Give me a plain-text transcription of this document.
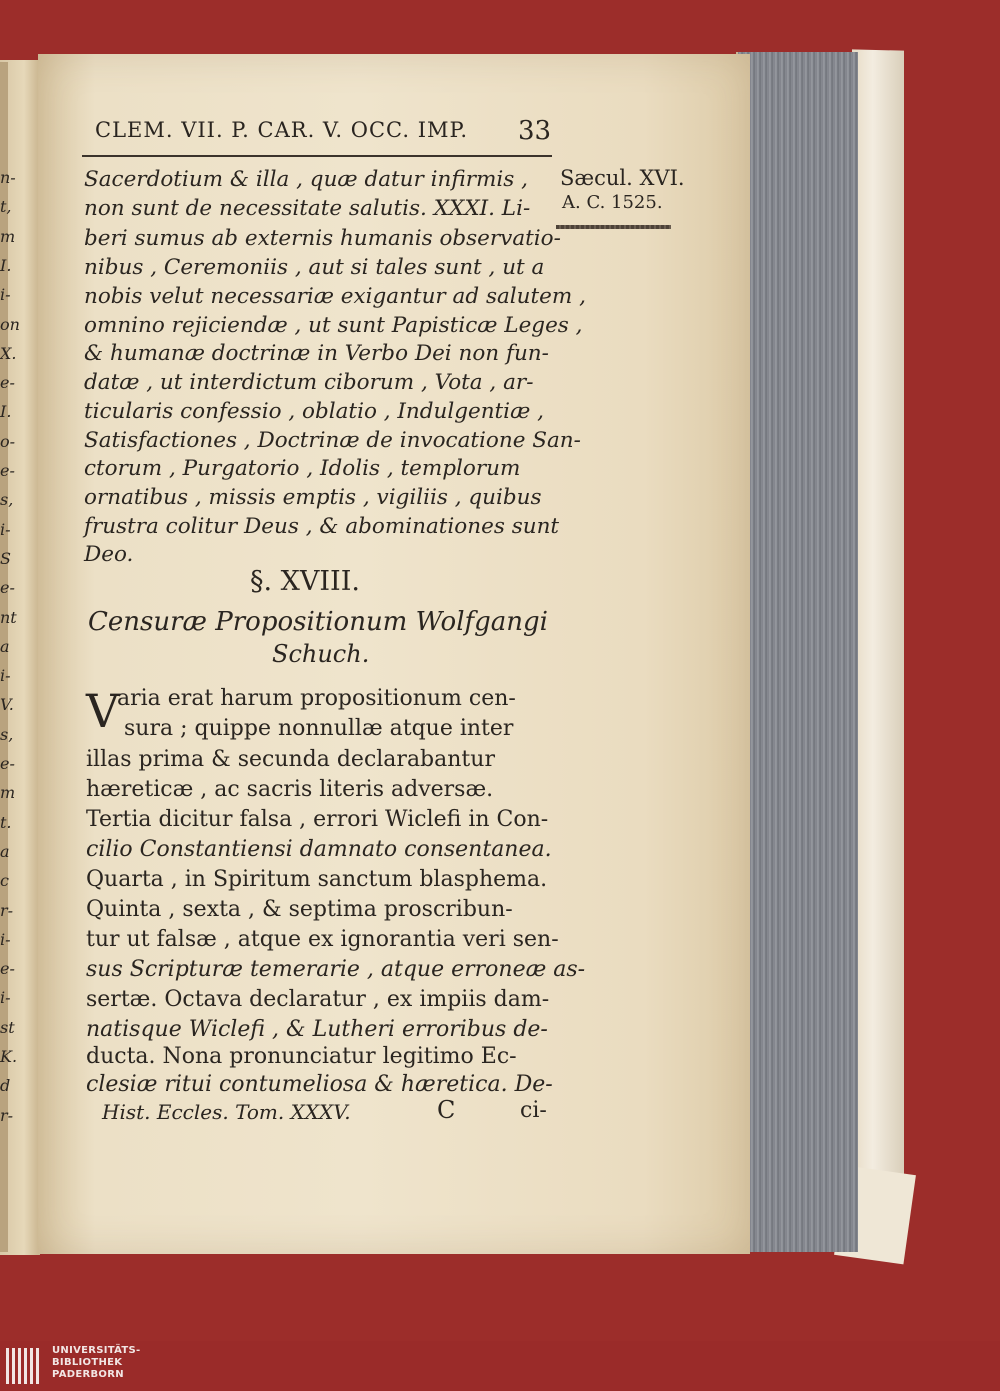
n-

t,

m

I.

i-

on

X.

e-

I.

o-

e-

s,

i-

S

e-

nt

a

i-

V.

s,

e-

m

t.

a

c

r-

i-

e-

i-

st

K.

d

r-

CLEM. VII. P. CAR. V. OCC. IMP. 33

Sæcul. XVI.

A. C. 1525.

Sacerdotium & illa , quæ datur infirmis ,

non sunt de necessitate salutis. XXXI. Li-

beri sumus ab externis humanis observatio-

nibus , Ceremoniis , aut si tales sunt , ut a

nobis velut necessariæ exigantur ad salutem ,

omnino rejiciendæ , ut sunt Papisticæ Leges ,

& humanæ doctrinæ in Verbo Dei non fun-

datæ , ut interdictum ciborum , Vota , ar-

ticularis confessio , oblatio , Indulgentiæ ,

Satisfactiones , Doctrinæ de invocatione San-

ctorum , Purgatorio , Idolis , templorum

ornatibus , missis emptis , vigiliis , quibus

frustra colitur Deus , & abominationes sunt

Deo.

§. XVIII.

Censuræ Propositionum Wolfgangi

Schuch.

V

aria erat harum propositionum cen-

sura ; quippe nonnullæ atque inter

illas prima & secunda declarabantur

hæreticæ , ac sacris literis adversæ.

Tertia dicitur falsa , errori Wiclefi in Con-

cilio Constantiensi damnato consentanea.

Quarta , in Spiritum sanctum blasphema.

Quinta , sexta , & septima proscribun-

tur ut falsæ , atque ex ignorantia veri sen-

sus Scripturæ temerarie , atque erroneæ as-

sertæ. Octava declaratur , ex impiis dam-

natisque Wiclefi , & Lutheri erroribus de-

ducta. Nona pronunciatur legitimo Ec-

clesiæ ritui contumeliosa & hæretica. De-

Hist. Eccles. Tom. XXXV.	C	ci-

UNIVERSITÄTS-
BIBLIOTHEK
PADERBORN
